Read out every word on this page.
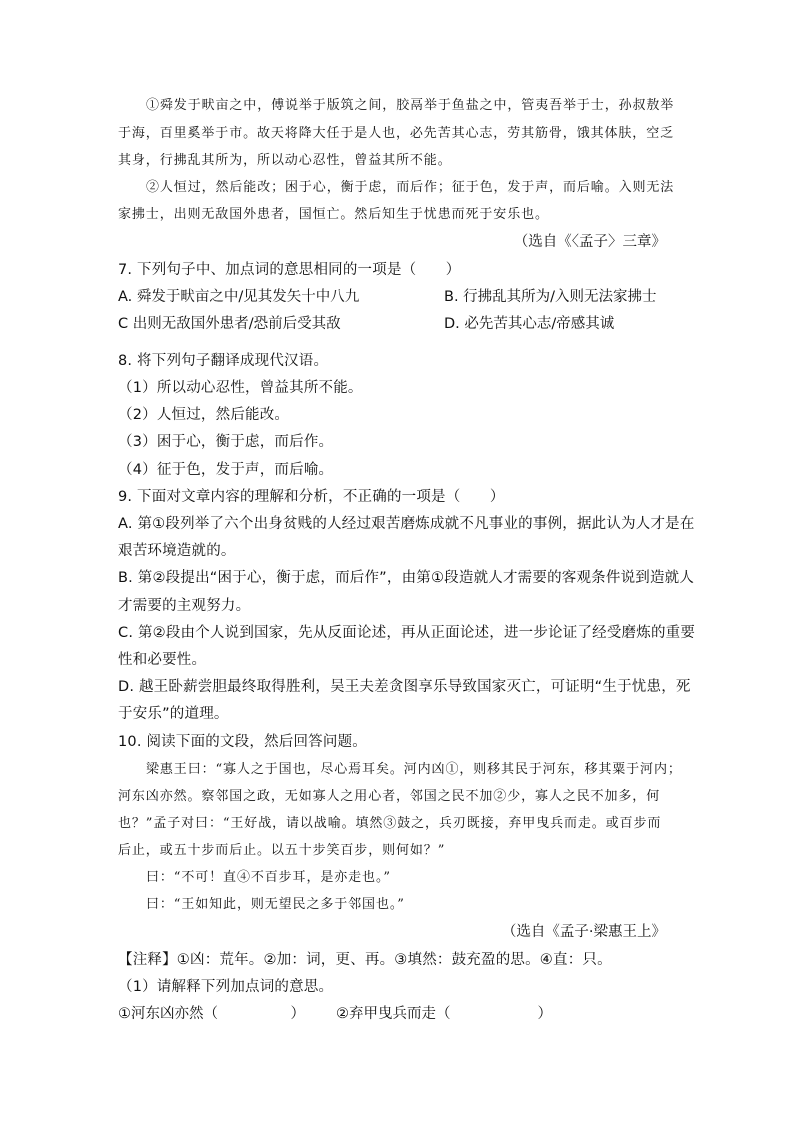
①舜发于畎亩之中，傅说举于版筑之间，胶鬲举于鱼盐之中，管夷吾举于士，孙叔敖举
于海，百里奚举于市。故天将降大任于是人也，必先苦其心志，劳其筋骨，饿其体肤，空乏
其身，行拂乱其所为，所以动心忍性，曾益其所不能。
②人恒过，然后能改；困于心，衡于虑，而后作；征于色，发于声，而后喻。入则无法
家拂士，出则无敌国外患者，国恒亡。然后知生于忧患而死于安乐也。
（选自《〈孟子〉三章》
7. 下列句子中、加点词的意思相同的一项是（　　）
A. 舜发于畎亩之中/见其发矢十中八九	B. 行拂乱其所为/入则无法家拂士
C 出则无敌国外患者/恐前后受其敌	D. 必先苦其心志/帝感其诚
8. 将下列句子翻译成现代汉语。
（1）所以动心忍性，曾益其所不能。
（2）人恒过，然后能改。
（3）困于心，衡于虑，而后作。
（4）征于色，发于声，而后喻。
9. 下面对文章内容的理解和分析，不正确的一项是（　　）
A. 第①段列举了六个出身贫贱的人经过艰苦磨炼成就不凡事业的事例，据此认为人才是在
艰苦环境造就的。
B. 第②段提出“困于心，衡于虑，而后作”，由第①段造就人才需要的客观条件说到造就人
才需要的主观努力。
C. 第②段由个人说到国家，先从反面论述，再从正面论述，进一步论证了经受磨炼的重要
性和必要性。
D. 越王卧薪尝胆最终取得胜利，吴王夫差贪图享乐导致国家灭亡，可证明“生于忧患，死
于安乐”的道理。
10. 阅读下面的文段，然后回答问题。
梁惠王曰：“寡人之于国也，尽心焉耳矣。河内凶①，则移其民于河东，移其粟于河内；
河东凶亦然。察邻国之政，无如寡人之用心者，邻国之民不加②少，寡人之民不加多，何
也？”孟子对曰：“王好战，请以战喻。填然③鼓之，兵刃既接，弃甲曳兵而走。或百步而
后止，或五十步而后止。以五十步笑百步，则何如？”
曰：“不可！直④不百步耳，是亦走也。”
曰：“王如知此，则无望民之多于邻国也。”
（选自《孟子·梁惠王上》
【注释】①凶：荒年。②加：词，更、再。③填然：鼓充盈的思。④直：只。
（1）请解释下列加点词的意思。
①河东凶亦然（　　　　　） ②弃甲曳兵而走（　　　　　　）
